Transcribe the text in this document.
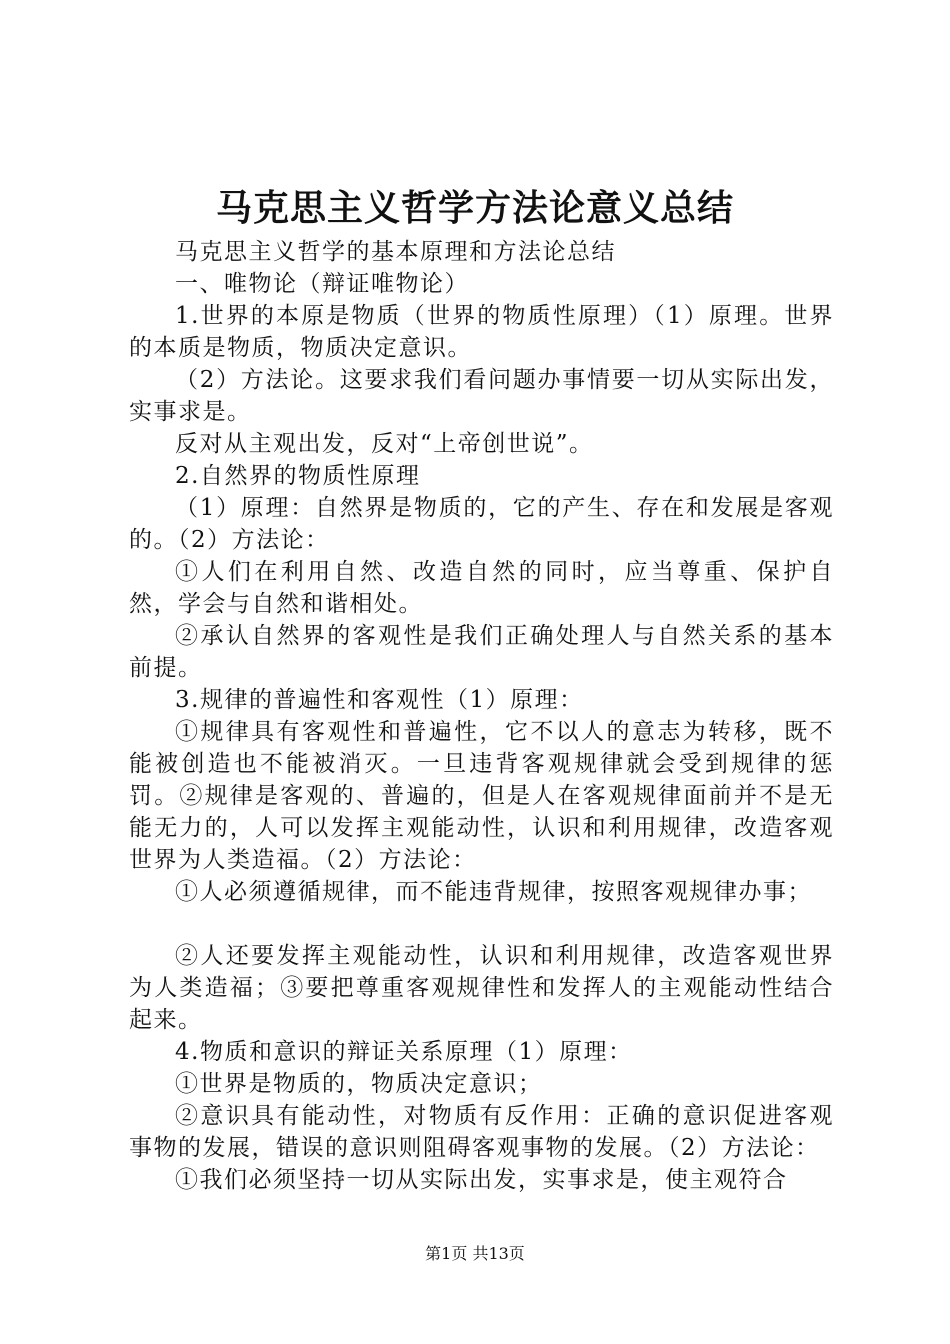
马克思主义哲学方法论意义总结

马克思主义哲学的基本原理和方法论总结

一、唯物论（辩证唯物论）

1.世界的本原是物质（世界的物质性原理）（1）原理。世界的本质是物质，物质决定意识。

（2）方法论。这要求我们看问题办事情要一切从实际出发，实事求是。

反对从主观出发，反对“上帝创世说”。

2.自然界的物质性原理

（1）原理：自然界是物质的，它的产生、存在和发展是客观的。（2）方法论：

①人们在利用自然、改造自然的同时，应当尊重、保护自然，学会与自然和谐相处。

②承认自然界的客观性是我们正确处理人与自然关系的基本前提。

3.规律的普遍性和客观性（1）原理：

①规律具有客观性和普遍性，它不以人的意志为转移，既不能被创造也不能被消灭。一旦违背客观规律就会受到规律的惩罚。②规律是客观的、普遍的，但是人在客观规律面前并不是无能无力的，人可以发挥主观能动性，认识和利用规律，改造客观世界为人类造福。（2）方法论：

①人必须遵循规律，而不能违背规律，按照客观规律办事；

②人还要发挥主观能动性，认识和利用规律，改造客观世界为人类造福；③要把尊重客观规律性和发挥人的主观能动性结合起来。

4.物质和意识的辩证关系原理（1）原理：

①世界是物质的，物质决定意识；

②意识具有能动性，对物质有反作用：正确的意识促进客观事物的发展，错误的意识则阻碍客观事物的发展。（2）方法论：

①我们必须坚持一切从实际出发，实事求是，使主观符合

第1页 共13页
